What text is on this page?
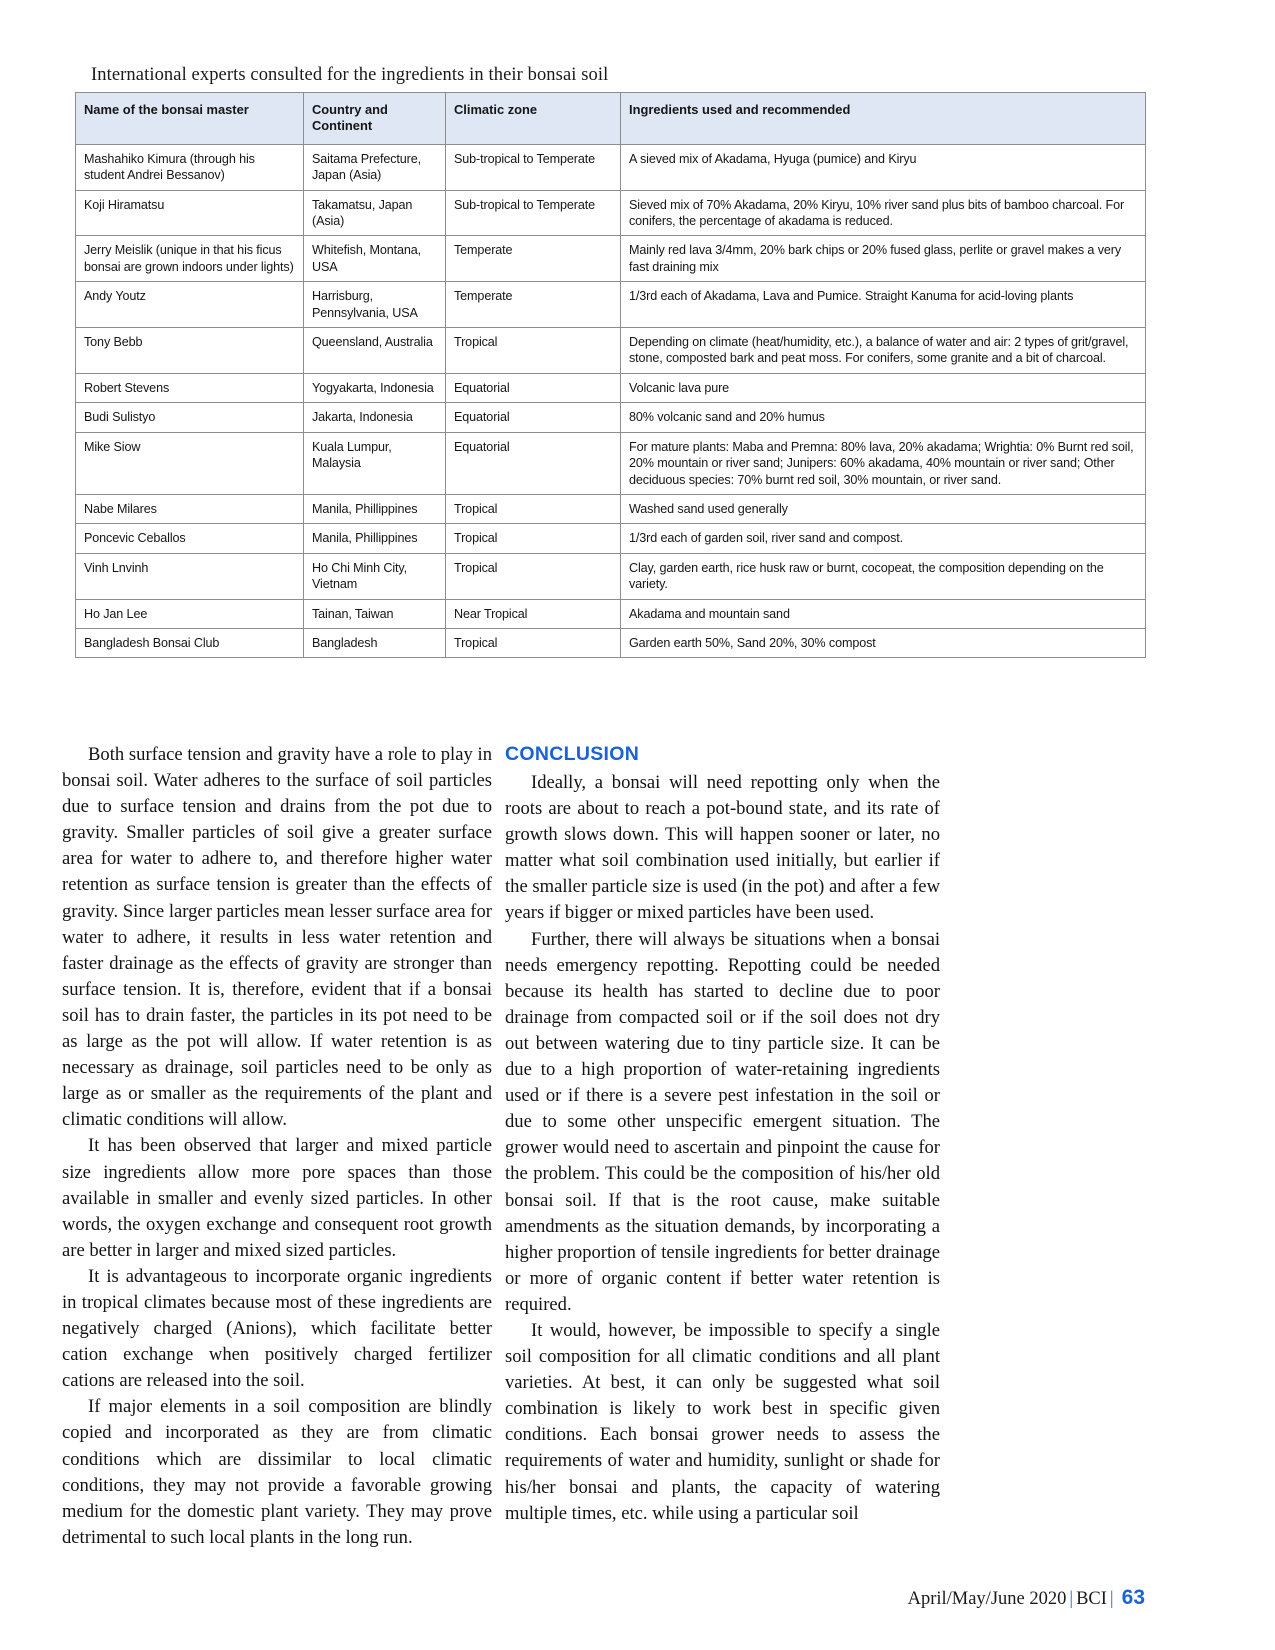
International experts consulted for the ingredients in their bonsai soil
Name of the bonsai master	Country and Continent	Climatic zone	Ingredients used and recommended
Mashahiko Kimura (through his student Andrei Bessanov)	Saitama Prefecture, Japan (Asia)	Sub-tropical to Temperate	A sieved mix of Akadama, Hyuga (pumice) and Kiryu
Koji Hiramatsu	Takamatsu, Japan (Asia)	Sub-tropical to Temperate	Sieved mix of 70% Akadama, 20% Kiryu, 10% river sand plus bits of bamboo charcoal. For conifers, the percentage of akadama is reduced.
Jerry Meislik (unique in that his ficus bonsai are grown indoors under lights)	Whitefish, Montana, USA	Temperate	Mainly red lava 3/4mm, 20% bark chips or 20% fused glass, perlite or gravel makes a very fast draining mix
Andy Youtz	Harrisburg, Pennsylvania, USA	Temperate	1/3rd each of Akadama, Lava and Pumice. Straight Kanuma for acid-loving plants
Tony Bebb	Queensland, Australia	Tropical	Depending on climate (heat/humidity, etc.), a balance of water and air: 2 types of grit/gravel, stone, composted bark and peat moss. For conifers, some granite and a bit of charcoal.
Robert Stevens	Yogyakarta, Indonesia	Equatorial	Volcanic lava pure
Budi Sulistyo	Jakarta, Indonesia	Equatorial	80% volcanic sand and 20% humus
Mike Siow	Kuala Lumpur, Malaysia	Equatorial	For mature plants: Maba and Premna: 80% lava, 20% akadama; Wrightia: 0% Burnt red soil, 20% mountain or river sand; Junipers: 60% akadama, 40% mountain or river sand; Other deciduous species: 70% burnt red soil, 30% mountain, or river sand.
Nabe Milares	Manila, Phillippines	Tropical	Washed sand used generally
Poncevic Ceballos	Manila, Phillippines	Tropical	1/3rd each of garden soil, river sand and compost.
Vinh Lnvinh	Ho Chi Minh City, Vietnam	Tropical	Clay, garden earth, rice husk raw or burnt, cocopeat, the composition depending on the variety.
Ho Jan Lee	Tainan, Taiwan	Near Tropical	Akadama and mountain sand
Bangladesh Bonsai Club	Bangladesh	Tropical	Garden earth 50%, Sand 20%, 30% compost

Both surface tension and gravity have a role to play in bonsai soil. Water adheres to the surface of soil particles due to surface tension and drains from the pot due to gravity. Smaller particles of soil give a greater surface area for water to adhere to, and therefore higher water retention as surface tension is greater than the effects of gravity. Since larger particles mean lesser surface area for water to adhere, it results in less water retention and faster drainage as the effects of gravity are stronger than surface tension. It is, therefore, evident that if a bonsai soil has to drain faster, the particles in its pot need to be as large as the pot will allow. If water retention is as necessary as drainage, soil particles need to be only as large as or smaller as the requirements of the plant and climatic conditions will allow.

It has been observed that larger and mixed particle size ingredients allow more pore spaces than those available in smaller and evenly sized particles. In other words, the oxygen exchange and consequent root growth are better in larger and mixed sized particles.

It is advantageous to incorporate organic ingredients in tropical climates because most of these ingredients are negatively charged (Anions), which facilitate better cation exchange when positively charged fertilizer cations are released into the soil.

If major elements in a soil composition are blindly copied and incorporated as they are from climatic conditions which are dissimilar to local climatic conditions, they may not provide a favorable growing medium for the domestic plant variety. They may prove detrimental to such local plants in the long run.

CONCLUSION

Ideally, a bonsai will need repotting only when the roots are about to reach a pot-bound state, and its rate of growth slows down. This will happen sooner or later, no matter what soil combination used initially, but earlier if the smaller particle size is used (in the pot) and after a few years if bigger or mixed particles have been used.

Further, there will always be situations when a bonsai needs emergency repotting. Repotting could be needed because its health has started to decline due to poor drainage from compacted soil or if the soil does not dry out between watering due to tiny particle size. It can be due to a high proportion of water-retaining ingredients used or if there is a severe pest infestation in the soil or due to some other unspecific emergent situation. The grower would need to ascertain and pinpoint the cause for the problem. This could be the composition of his/her old bonsai soil. If that is the root cause, make suitable amendments as the situation demands, by incorporating a higher proportion of tensile ingredients for better drainage or more of organic content if better water retention is required.

It would, however, be impossible to specify a single soil composition for all climatic conditions and all plant varieties. At best, it can only be suggested what soil combination is likely to work best in specific given conditions. Each bonsai grower needs to assess the requirements of water and humidity, sunlight or shade for his/her bonsai and plants, the capacity of watering multiple times, etc. while using a particular soil

April/May/June 2020 | BCI | 63
